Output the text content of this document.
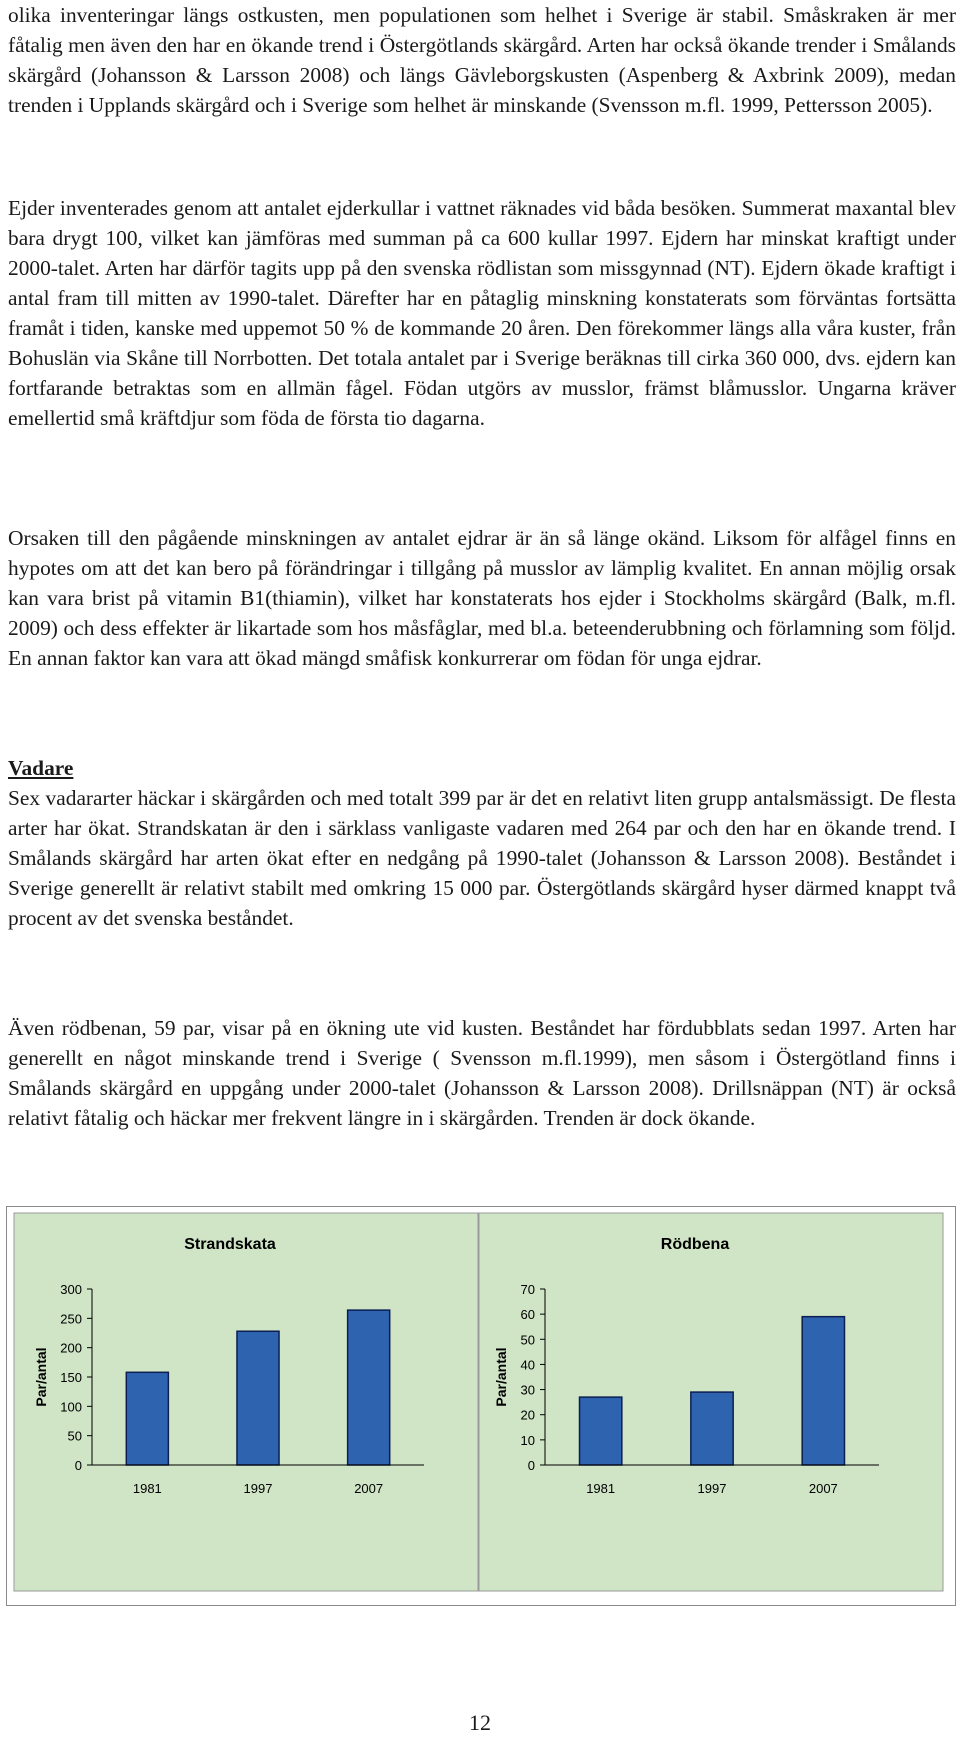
olika inventeringar längs ostkusten, men populationen som helhet i Sverige är stabil. Småskraken är mer fåtalig men även den har en ökande trend i Östergötlands skärgård. Arten har också ökande trender i Smålands skärgård (Johansson & Larsson 2008) och längs Gävleborgskusten (Aspenberg & Axbrink 2009), medan trenden i Upplands skärgård och i Sverige som helhet är minskande (Svensson m.fl. 1999, Pettersson 2005).

Ejder inventerades genom att antalet ejderkullar i vattnet räknades vid båda besöken. Summerat maxantal blev bara drygt 100, vilket kan jämföras med summan på ca 600 kullar 1997. Ejdern har minskat kraftigt under 2000-talet. Arten har därför tagits upp på den svenska rödlistan som missgynnad (NT). Ejdern ökade kraftigt i antal fram till mitten av 1990-talet. Därefter har en påtaglig minskning konstaterats som förväntas fortsätta framåt i tiden, kanske med uppemot 50 % de kommande 20 åren. Den förekommer längs alla våra kuster, från Bohuslän via Skåne till Norrbotten. Det totala antalet par i Sverige beräknas till cirka 360 000, dvs. ejdern kan fortfarande betraktas som en allmän fågel. Födan utgörs av musslor, främst blåmusslor. Ungarna kräver emellertid små kräftdjur som föda de första tio dagarna.

Orsaken till den pågående minskningen av antalet ejdrar är än så länge okänd. Liksom för alfågel finns en hypotes om att det kan bero på förändringar i tillgång på musslor av lämplig kvalitet. En annan möjlig orsak kan vara brist på vitamin B1(thiamin), vilket har konstaterats hos ejder i Stockholms skärgård (Balk, m.fl. 2009) och dess effekter är likartade som hos måsfåglar, med bl.a. beteenderubbning och förlamning som följd. En annan faktor kan vara att ökad mängd småfisk konkurrerar om födan för unga ejdrar.

Vadare

Sex vadararter häckar i skärgården och med totalt 399 par är det en relativt liten grupp antalsmässigt. De flesta arter har ökat. Strandskatan är den i särklass vanligaste vadaren med 264 par och den har en ökande trend. I Smålands skärgård har arten ökat efter en nedgång på 1990-talet (Johansson & Larsson 2008). Beståndet i Sverige generellt är relativt stabilt med omkring 15 000 par. Östergötlands skärgård hyser därmed knappt två procent av det svenska beståndet.

Även rödbenan, 59 par, visar på en ökning ute vid kusten. Beståndet har fördubblats sedan 1997. Arten har generellt en något minskande trend i Sverige ( Svensson m.fl.1999), men såsom i Östergötland finns i Smålands skärgård en uppgång under 2000-talet (Johansson & Larsson 2008). Drillsnäppan (NT) är också relativt fåtalig och häckar mer frekvent längre in i skärgården. Trenden är dock ökande.

Strandskata
Par/antal
0
50
100
150
200
250
300
1981	1997	2007
Rödbena
Par/antal
0
10
20
30
40
50
60
70
1981	1997	2007
12
